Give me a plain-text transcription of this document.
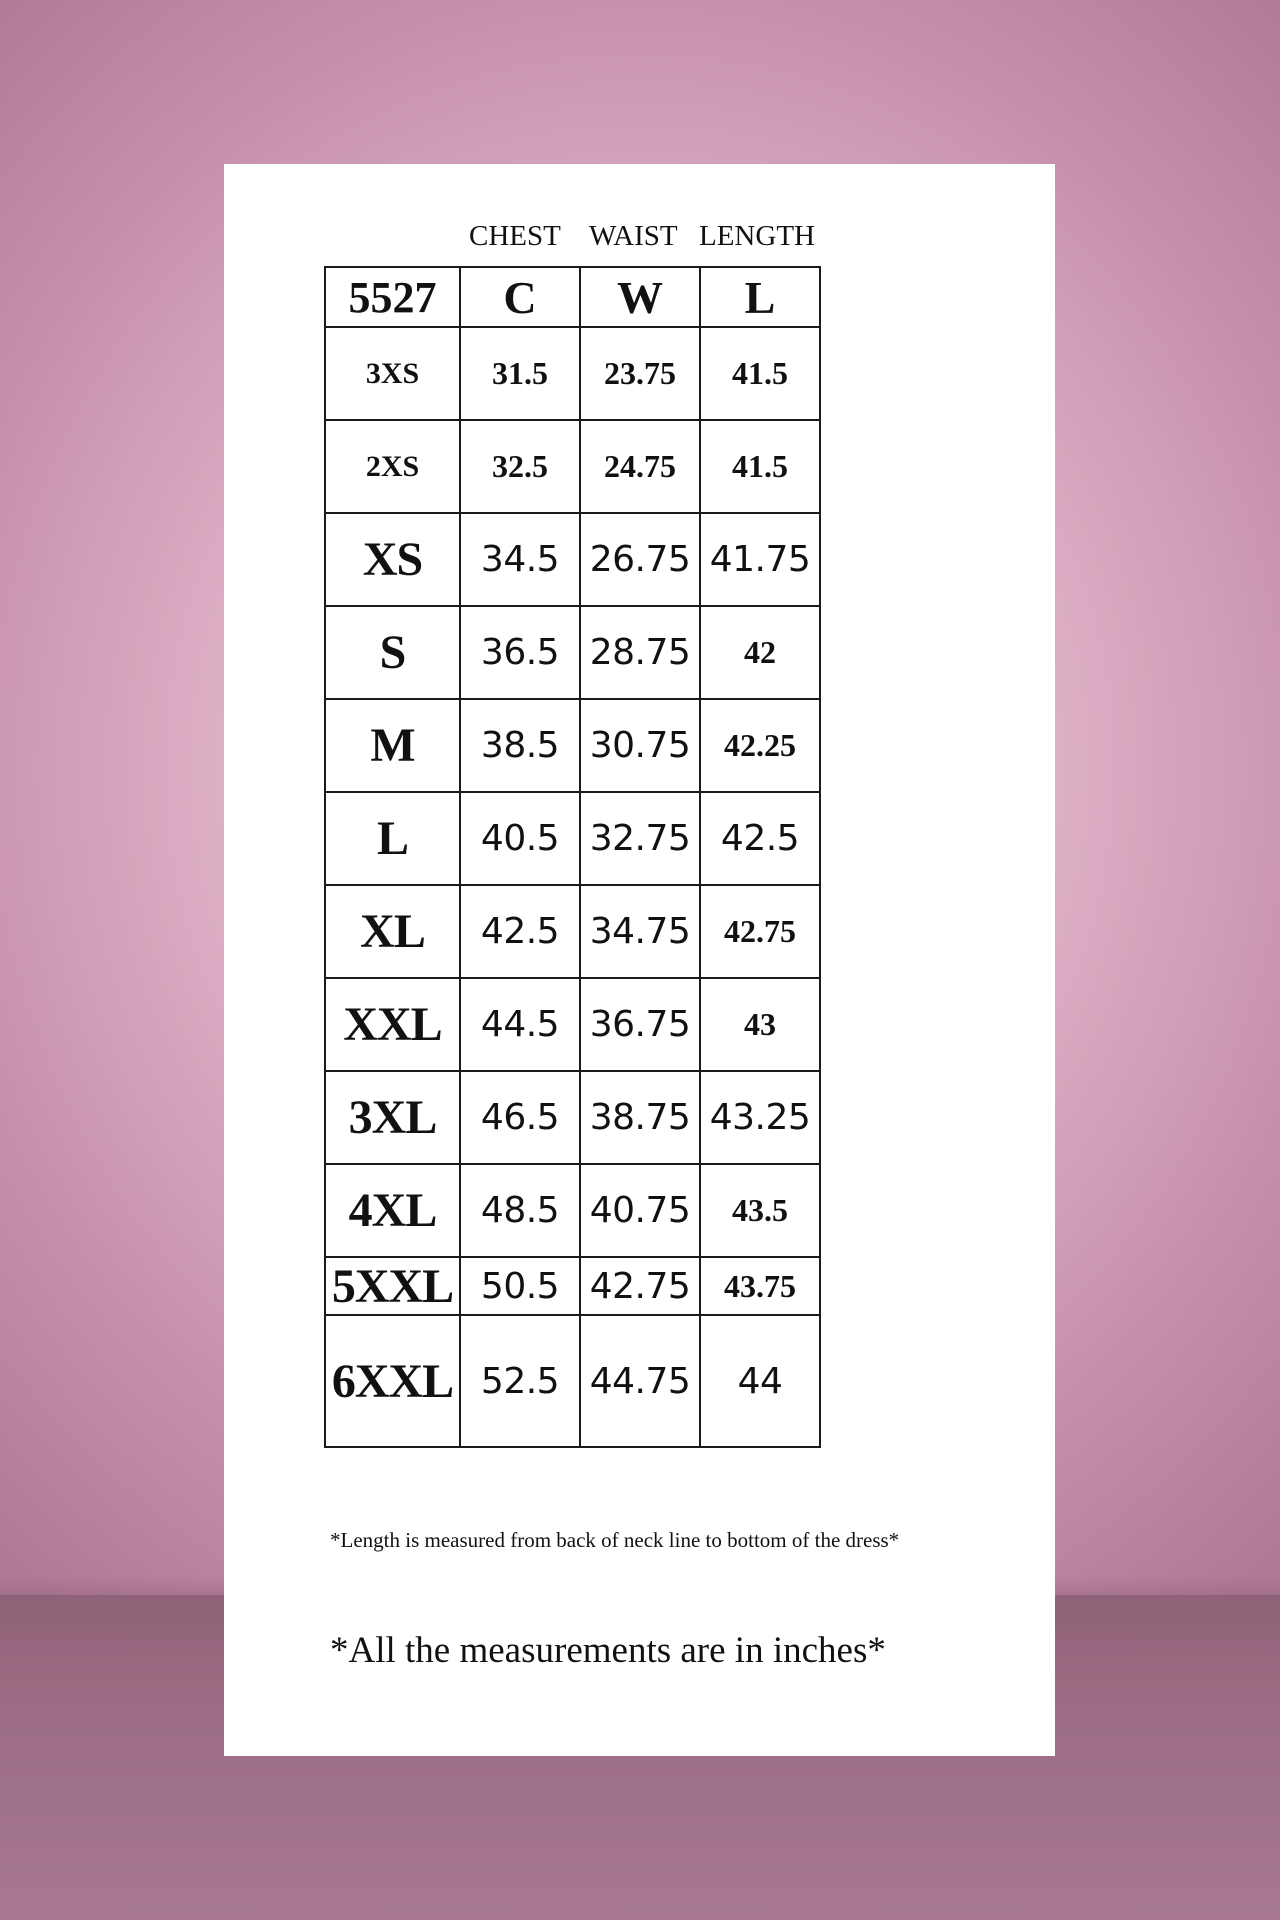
CHEST WAIST LENGTH
5527	C	W	L
3XS	31.5	23.75	41.5
2XS	32.5	24.75	41.5
XS	34.5	26.75	41.75
S	36.5	28.75	42
M	38.5	30.75	42.25
L	40.5	32.75	42.5
XL	42.5	34.75	42.75
XXL	44.5	36.75	43
3XL	46.5	38.75	43.25
4XL	48.5	40.75	43.5
5XXL	50.5	42.75	43.75
6XXL	52.5	44.75	44
*Length is measured from back of neck line to bottom of the dress*
*All the measurements are in inches*
